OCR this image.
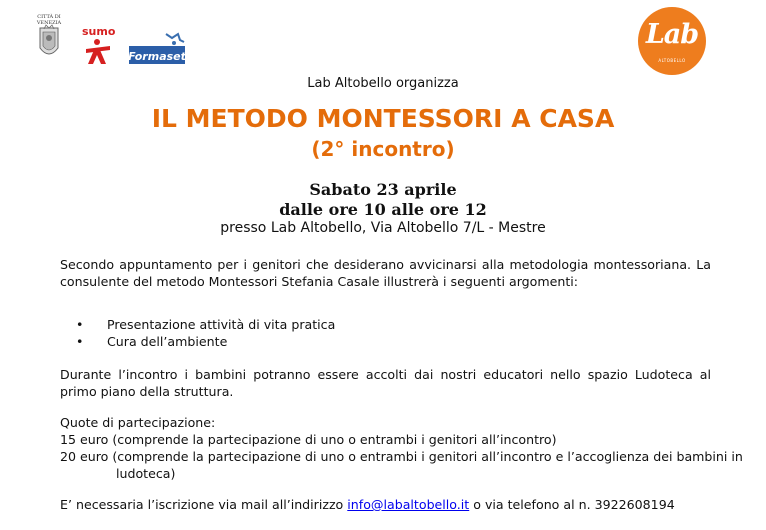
CITTÀ DI
VENEZIA
sumo
Formaset
Lab
ALTOBELLO
Lab Altobello organizza
IL METODO MONTESSORI A CASA
(2° incontro)
Sabato 23 aprile
dalle ore 10 alle ore 12
presso Lab Altobello, Via Altobello 7/L - Mestre
Secondo appuntamento per i genitori che desiderano avvicinarsi alla metodologia montessoriana. La consulente del metodo Montessori Stefania Casale illustrerà i seguenti argomenti:
• Presentazione attività di vita pratica
• Cura dell’ambiente
Durante l’incontro i bambini potranno essere accolti dai nostri educatori nello spazio Ludoteca al primo piano della struttura.
Quote di partecipazione:
15 euro (comprende la partecipazione di uno o entrambi i genitori all’incontro)
20 euro (comprende la partecipazione di uno o entrambi i genitori all’incontro e l’accoglienza dei bambini in ludoteca)
E’ necessaria l’iscrizione via mail all’indirizzo info@labaltobello.it o via telefono al n. 3922608194
